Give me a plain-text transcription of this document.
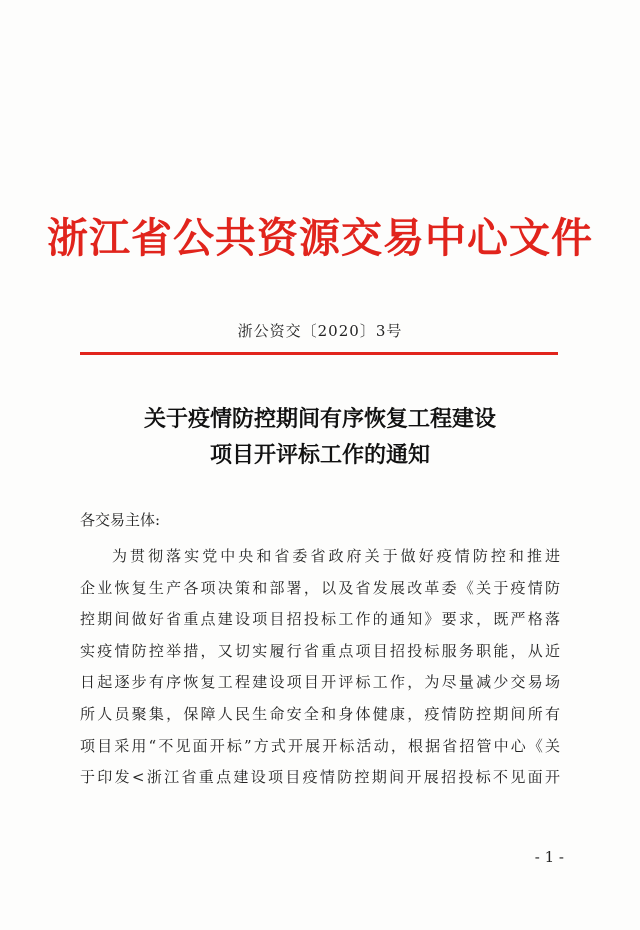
浙江省公共资源交易中心文件
浙公资交〔2020〕3号
关于疫情防控期间有序恢复工程建设
项目开评标工作的通知
各交易主体:
为贯彻落实党中央和省委省政府关于做好疫情防控和推进
企业恢复生产各项决策和部署，以及省发展改革委《关于疫情防
控期间做好省重点建设项目招投标工作的通知》要求，既严格落
实疫情防控举措，又切实履行省重点项目招投标服务职能，从近
日起逐步有序恢复工程建设项目开评标工作，为尽量减少交易场
所人员聚集，保障人民生命安全和身体健康，疫情防控期间所有
项目采用“不见面开标”方式开展开标活动，根据省招管中心《关
于印发<浙江省重点建设项目疫情防控期间开展招投标不见面开
- 1 -
